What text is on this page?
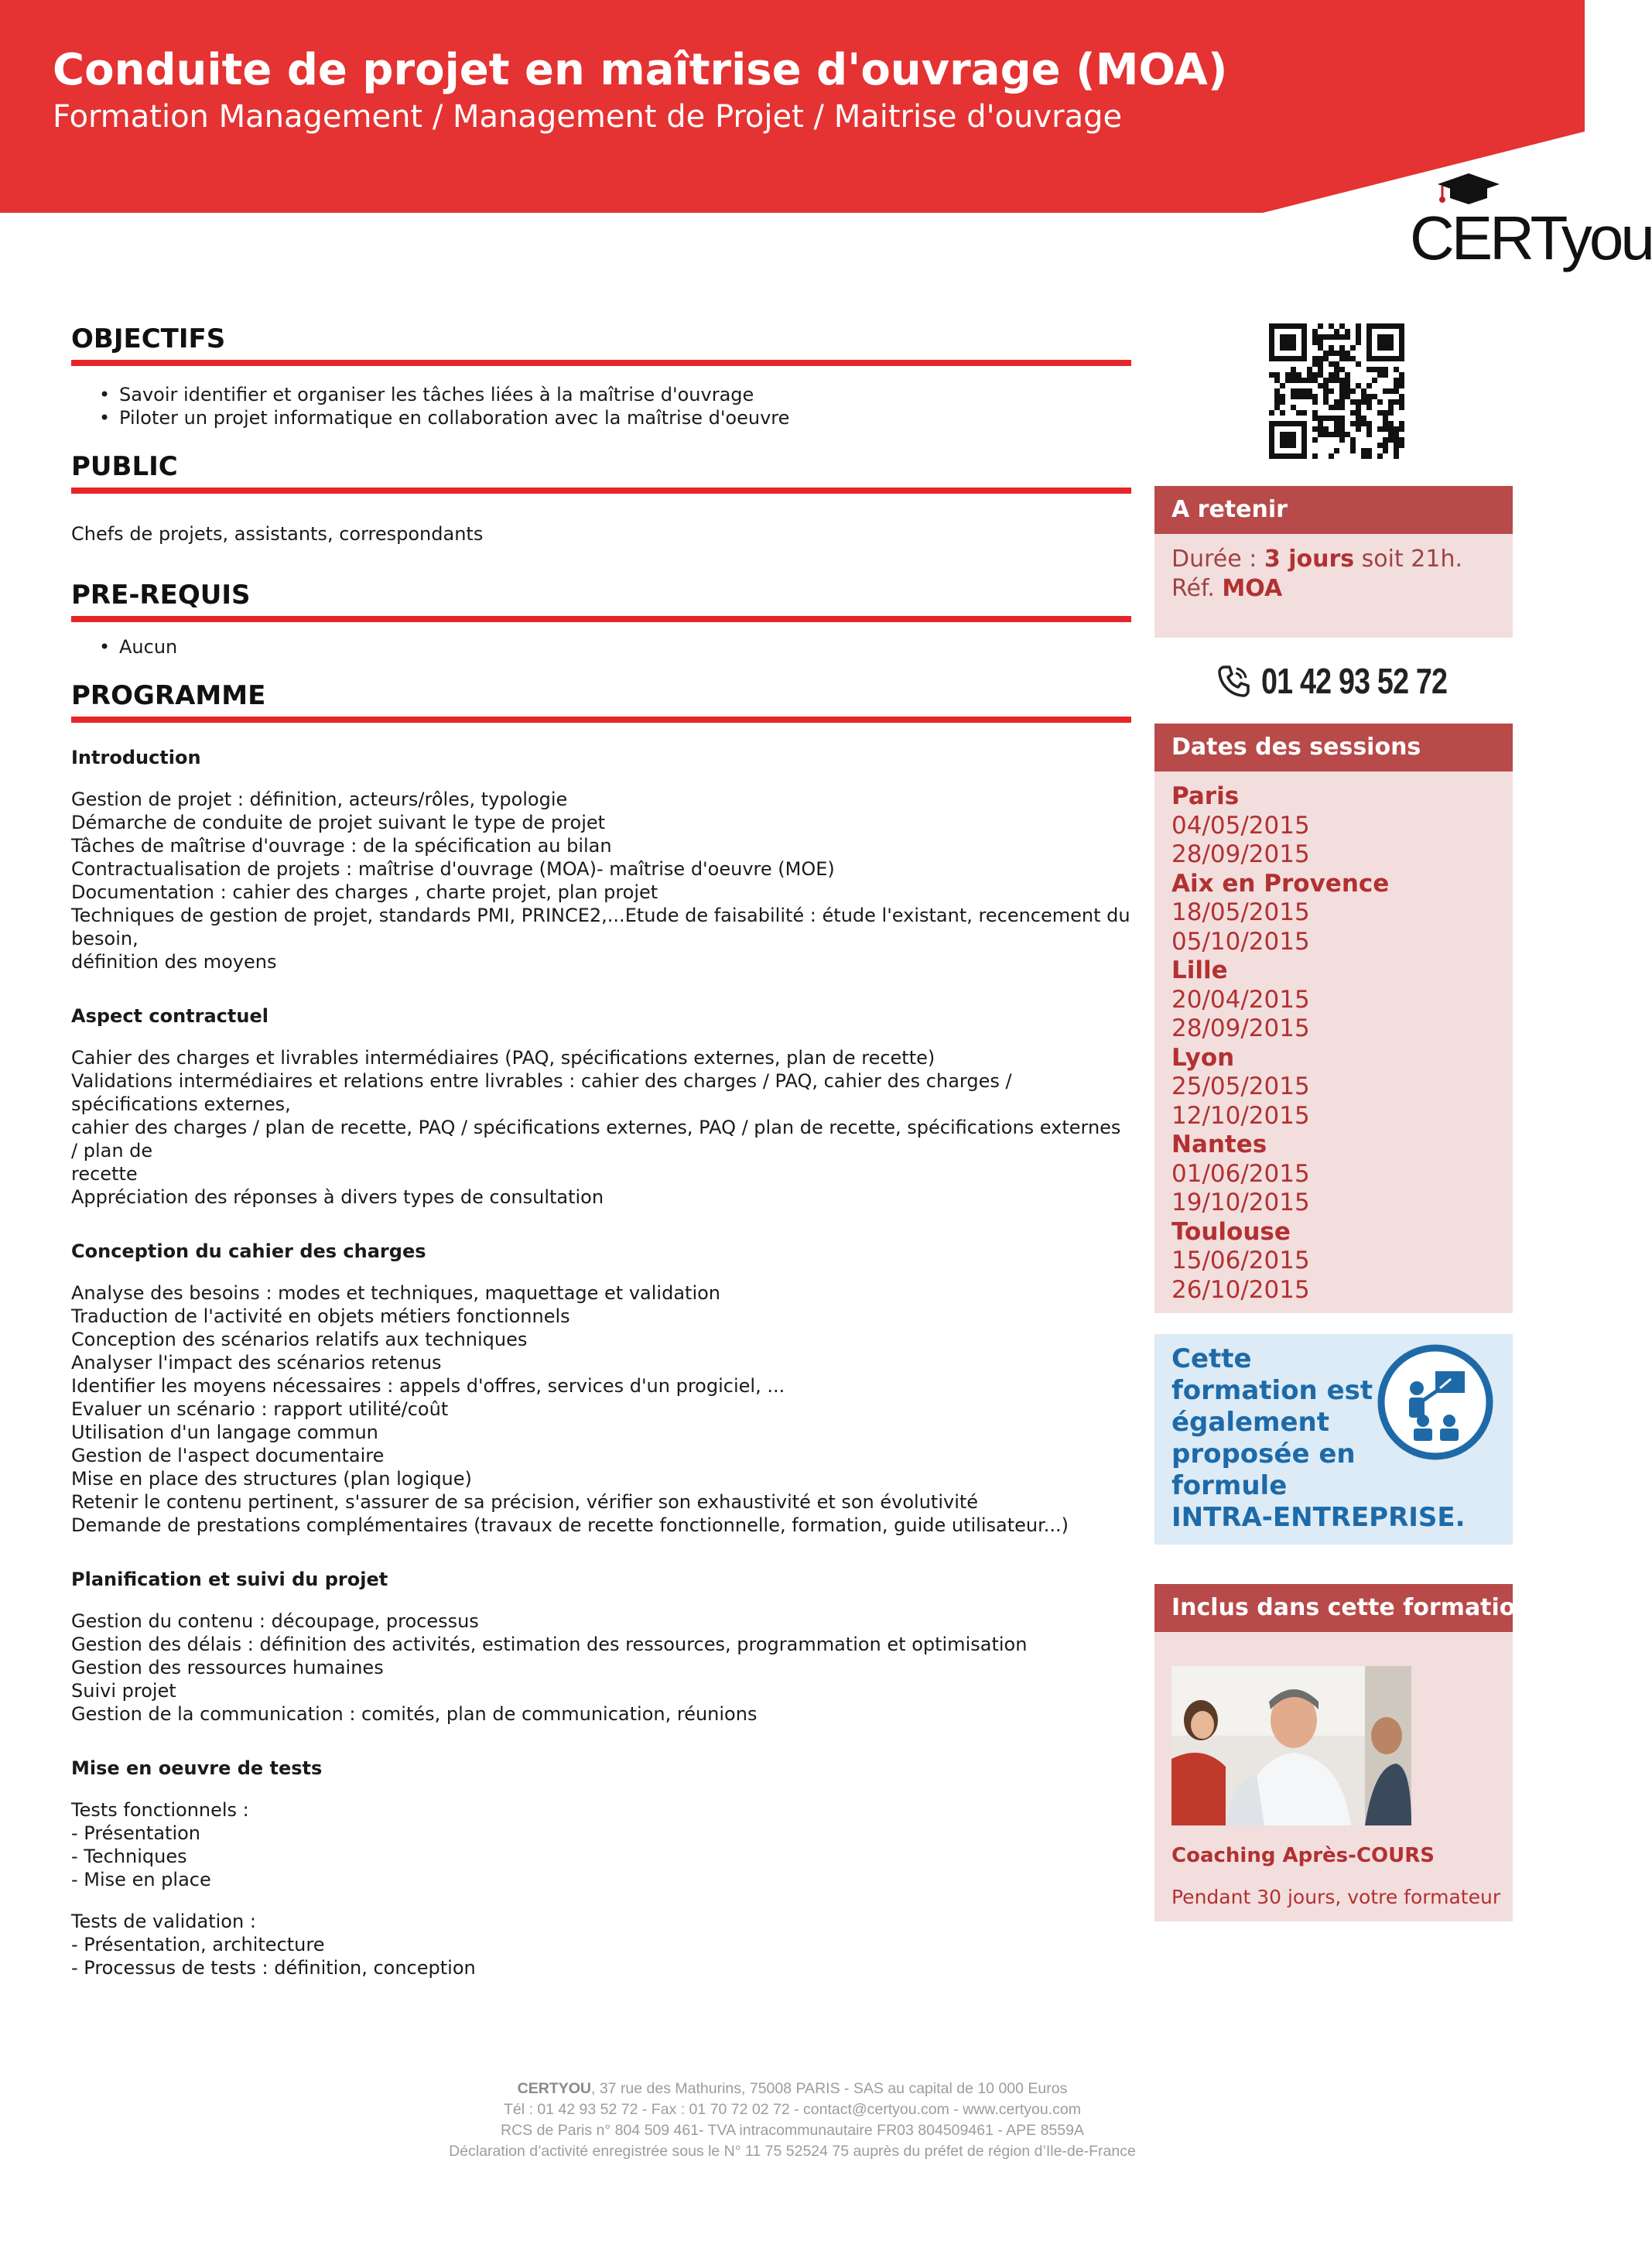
Conduite de projet en maîtrise d'ouvrage (MOA)
Formation Management / Management de Projet / Maitrise d'ouvrage
CERTyou
OBJECTIFS
• Savoir identifier et organiser les tâches liées à la maîtrise d'ouvrage
• Piloter un projet informatique en collaboration avec la maîtrise d'oeuvre
PUBLIC
Chefs de projets, assistants, correspondants
PRE-REQUIS
• Aucun
PROGRAMME
Introduction
Gestion de projet : définition, acteurs/rôles, typologie
Démarche de conduite de projet suivant le type de projet
Tâches de maîtrise d'ouvrage : de la spécification au bilan
Contractualisation de projets : maîtrise d'ouvrage (MOA)- maîtrise d'oeuvre (MOE)
Documentation : cahier des charges , charte projet, plan projet
Techniques de gestion de projet, standards PMI, PRINCE2,...Etude de faisabilité : étude l'existant, recencement du besoin,
définition des moyens
Aspect contractuel
Cahier des charges et livrables intermédiaires (PAQ, spécifications externes, plan de recette)
Validations intermédiaires et relations entre livrables : cahier des charges / PAQ, cahier des charges / spécifications externes,
cahier des charges / plan de recette, PAQ / spécifications externes, PAQ / plan de recette, spécifications externes / plan de
recette
Appréciation des réponses à divers types de consultation
Conception du cahier des charges
Analyse des besoins : modes et techniques, maquettage et validation
Traduction de l'activité en objets métiers fonctionnels
Conception des scénarios relatifs aux techniques
Analyser l'impact des scénarios retenus
Identifier les moyens nécessaires : appels d'offres, services d'un progiciel, ...
Evaluer un scénario : rapport utilité/coût
Utilisation d'un langage commun
Gestion de l'aspect documentaire
Mise en place des structures (plan logique)
Retenir le contenu pertinent, s'assurer de sa précision, vérifier son exhaustivité et son évolutivité
Demande de prestations complémentaires (travaux de recette fonctionnelle, formation, guide utilisateur...)
Planification et suivi du projet
Gestion du contenu : découpage, processus
Gestion des délais : définition des activités, estimation des ressources, programmation et optimisation
Gestion des ressources humaines
Suivi projet
Gestion de la communication : comités, plan de communication, réunions
Mise en oeuvre de tests
Tests fonctionnels :
- Présentation
- Techniques
- Mise en place
Tests de validation :
- Présentation, architecture
- Processus de tests : définition, conception
A retenir
Durée : 3 jours soit 21h.
Réf. MOA
01 42 93 52 72
Dates des sessions
Paris
04/05/2015
28/09/2015
Aix en Provence
18/05/2015
05/10/2015
Lille
20/04/2015
28/09/2015
Lyon
25/05/2015
12/10/2015
Nantes
01/06/2015
19/10/2015
Toulouse
15/06/2015
26/10/2015
Cette
formation est
également
proposée en
formule
INTRA-ENTREPRISE.
Inclus dans cette formation
Coaching Après-COURS
Pendant 30 jours, votre formateur
CERTYOU, 37 rue des Mathurins, 75008 PARIS - SAS au capital de 10 000 Euros
Tél : 01 42 93 52 72 - Fax : 01 70 72 02 72 - contact@certyou.com - www.certyou.com
RCS de Paris n° 804 509 461- TVA intracommunautaire FR03 804509461 - APE 8559A
Déclaration d’activité enregistrée sous le N° 11 75 52524 75 auprès du préfet de région d’Ile-de-France
